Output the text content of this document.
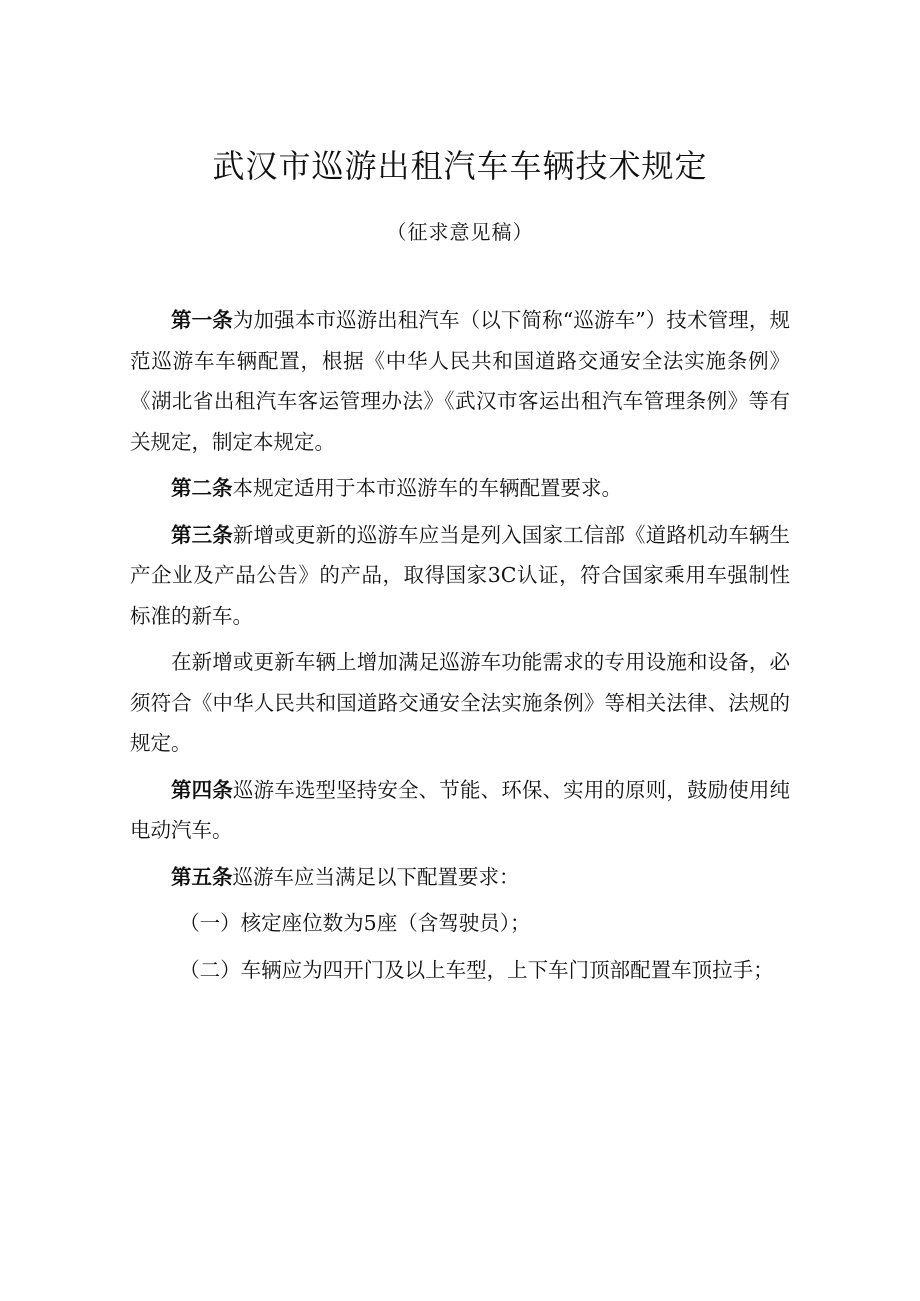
武汉市巡游出租汽车车辆技术规定
（征求意见稿）

第一条为加强本市巡游出租汽车（以下简称“巡游车”）技术管理，规范巡游车车辆配置，根据《中华人民共和国道路交通安全法实施条例》《湖北省出租汽车客运管理办法》《武汉市客运出租汽车管理条例》等有关规定，制定本规定。

第二条本规定适用于本市巡游车的车辆配置要求。

第三条新增或更新的巡游车应当是列入国家工信部《道路机动车辆生产企业及产品公告》的产品，取得国家3C认证，符合国家乘用车强制性标准的新车。

在新增或更新车辆上增加满足巡游车功能需求的专用设施和设备，必须符合《中华人民共和国道路交通安全法实施条例》等相关法律、法规的规定。

第四条巡游车选型坚持安全、节能、环保、实用的原则，鼓励使用纯电动汽车。

第五条巡游车应当满足以下配置要求：

（一）核定座位数为5座（含驾驶员）；

（二）车辆应为四开门及以上车型，上下车门顶部配置车顶拉手；
